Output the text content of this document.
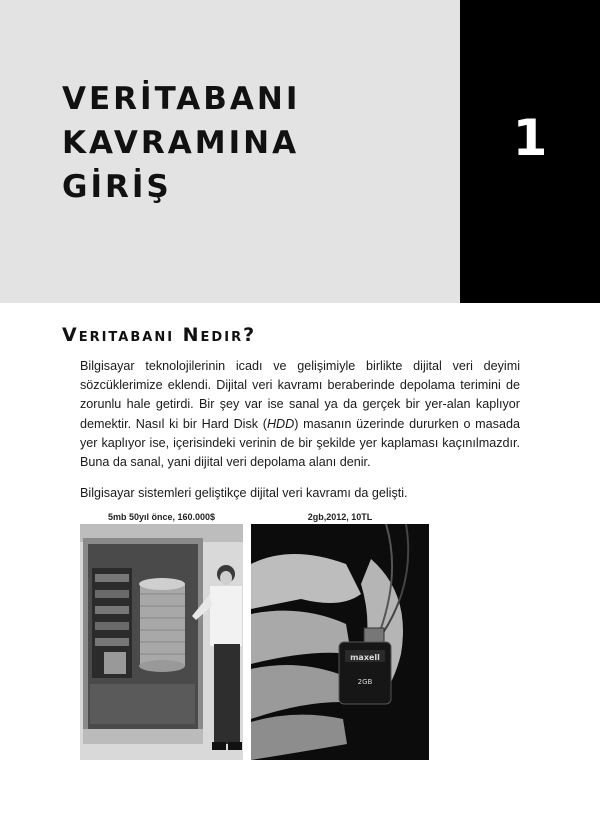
VERİTABANI
KAVRAMINA
GİRİŞ
1
Veritabanı Nedir?

Bilgisayar teknolojilerinin icadı ve gelişimiyle birlikte dijital veri deyimi sözcüklerimize eklendi. Dijital veri kavramı beraberinde depolama terimini de zorunlu hale getirdi. Bir şey var ise sanal ya da gerçek bir yer-alan kaplıyor demektir. Nasıl ki bir Hard Disk (HDD) masanın üzerinde dururken o masada yer kaplıyor ise, içerisindeki verinin de bir şekilde yer kaplaması kaçınılmazdır. Buna da sanal, yani dijital veri depolama alanı denir.

Bilgisayar sistemleri geliştikçe dijital veri kavramı da gelişti.

5mb 50yıl önce, 160.000$	2gb,2012, 10TL
maxell
2GB
